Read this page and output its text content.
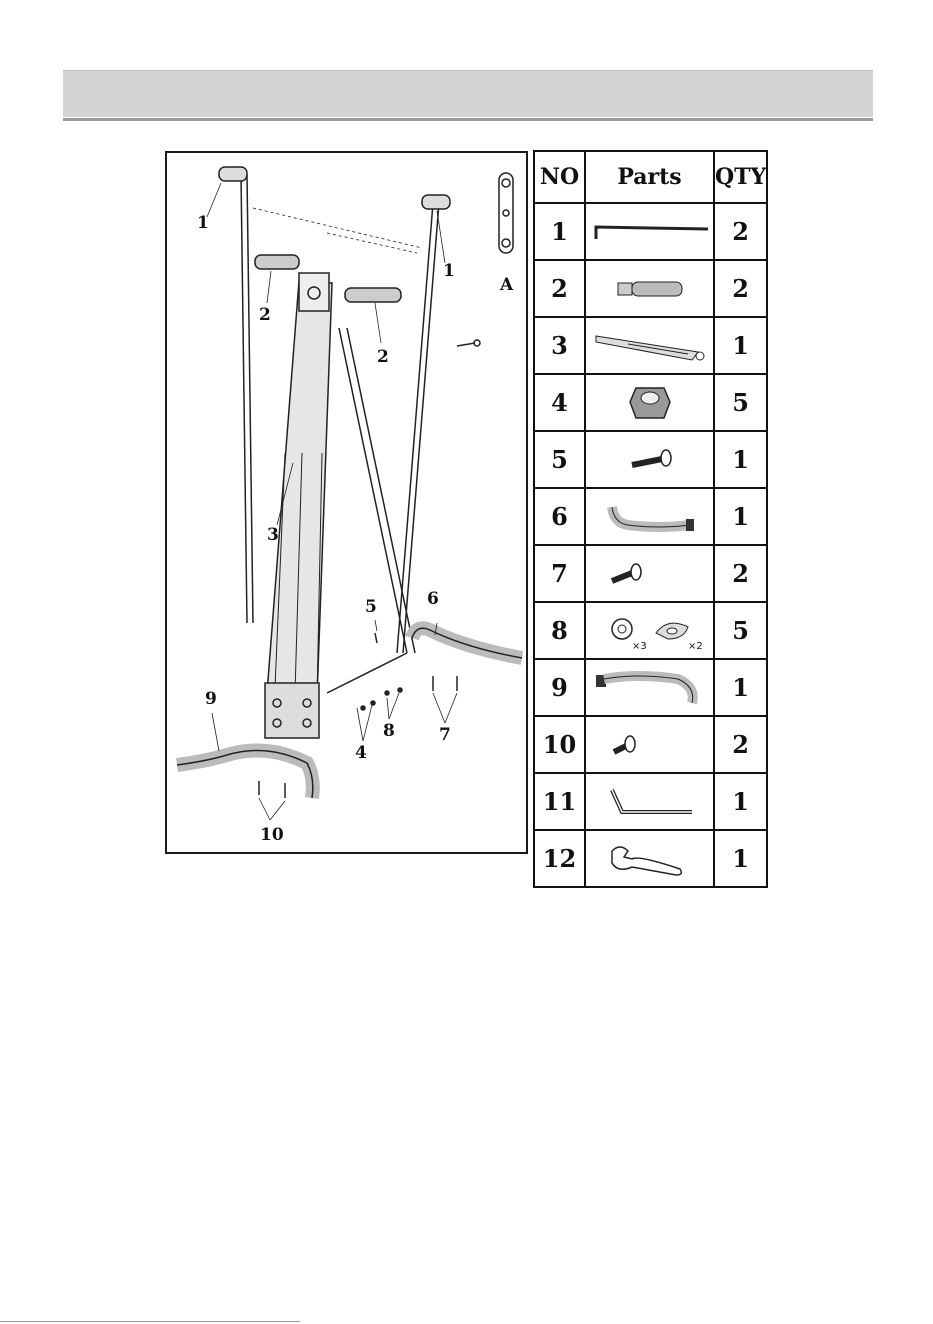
1
1
A
2
2
3
5	6
9
4
8	7
10
NO	Parts	QTY
1		2
2		2
3		1
4		5
5		1
6		1
7		2
8	×3 ×2	5
9		1
10		2
11		1
12		1
